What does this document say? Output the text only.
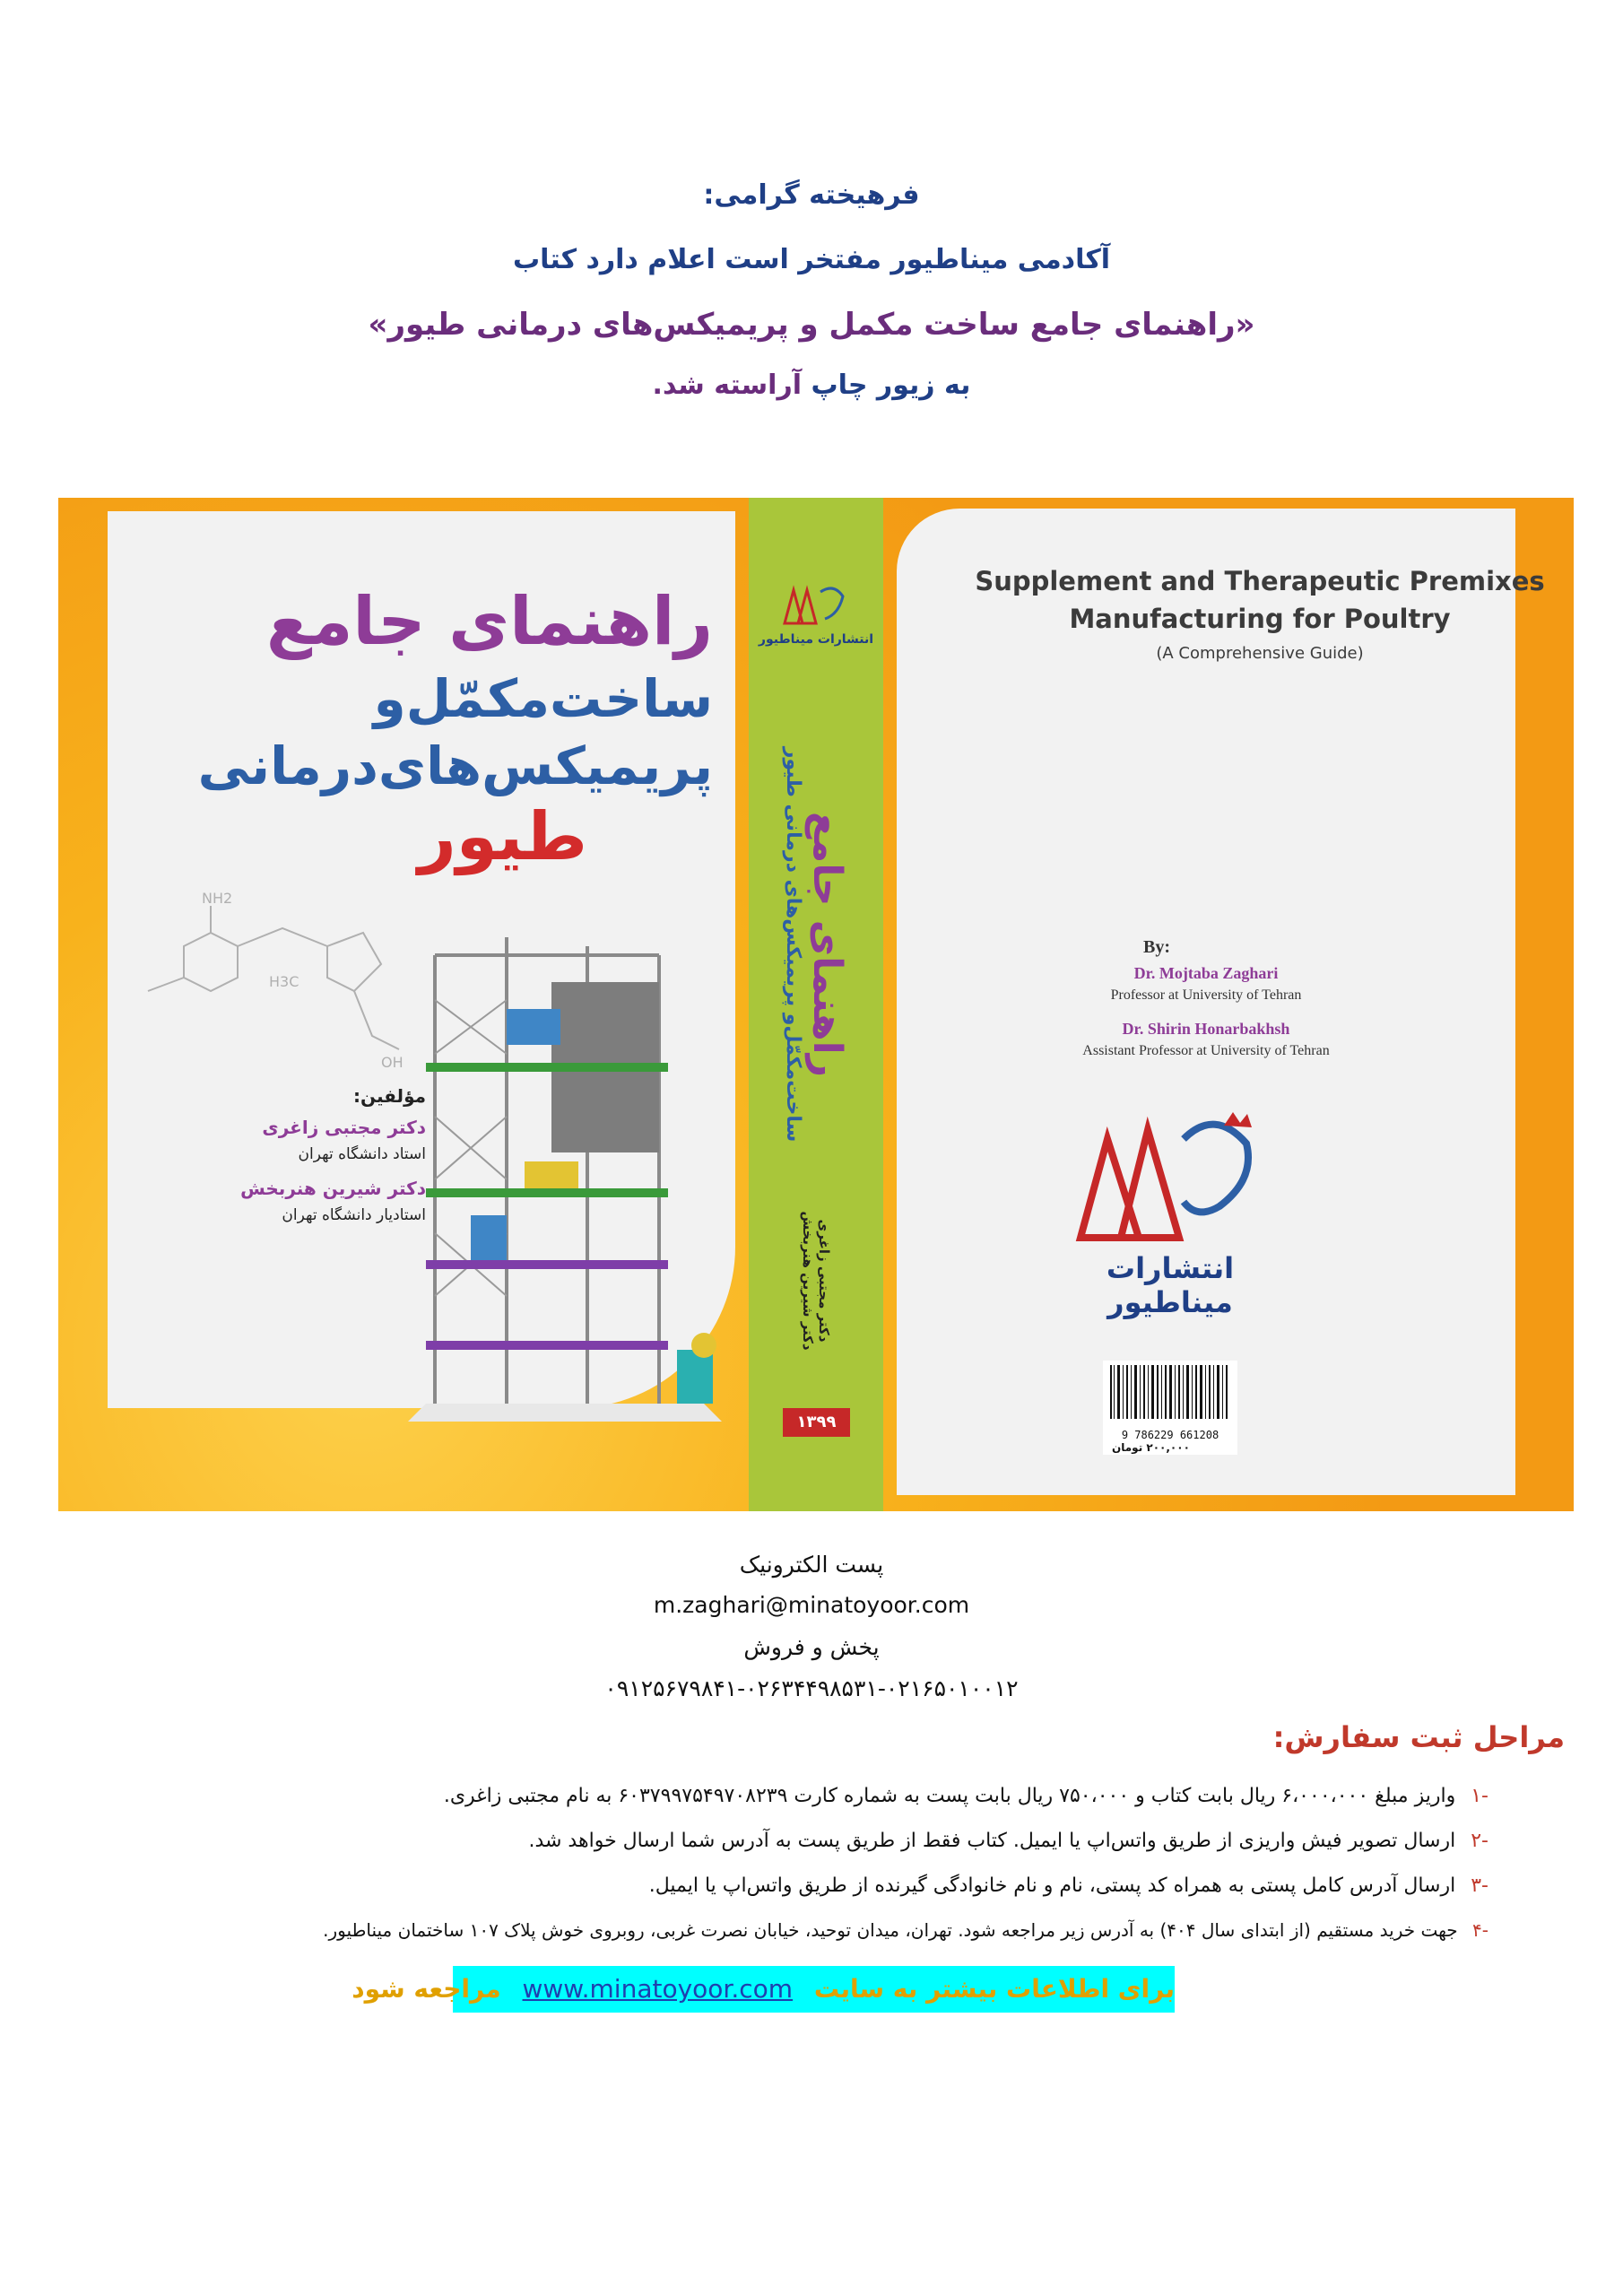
فرهیخته گرامی:
آکادمی میناطیور مفتخر است اعلام دارد کتاب
«راهنمای جامع ساخت مکمل و پریمیکس‌های درمانی طیور»
به زیور چاپ آراسته شد.
راهنمای جامع
ساخت‌مکمّل‌و
پریمیکس‌های‌درمانی
طیور
NH2
H3C
OH
مؤلفین:
دکتر مجتبی زاغری
استاد دانشگاه تهران
دکتر شیرین هنربخش
استادیار دانشگاه تهران
انتشارات میناطیور
راهنمای جامع
ساخت‌مکمّل‌و پریمیکس‌های درمانی طیور
دکتر مجتبی زاغری
دکتر شیرین هنربخش
۱۳۹۹
Supplement and Therapeutic Premixes
Manufacturing for Poultry
(A Comprehensive Guide)
By:
Dr. Mojtaba Zaghari
Professor at University of Tehran
Dr. Shirin Honarbakhsh
Assistant Professor at University of Tehran
انتشارات میناطیور
9 786229 661208
۲۰۰,۰۰۰ تومان
پست الکترونیک
m.zaghari@minatoyoor.com
پخش و فروش
۰۹۱۲۵۶۷۹۸۴۱-۰۲۶۳۴۴۹۸۵۳۱-۰۲۱۶۵۰۱۰۰۱۲
مراحل ثبت سفارش:
-۱ واریز مبلغ ۶،۰۰۰،۰۰۰ ریال بابت کتاب و ۷۵۰،۰۰۰ ریال بابت پست به شماره کارت ۶۰۳۷۹۹۷۵۴۹۷۰۸۲۳۹ به نام مجتبی زاغری.
-۲ ارسال تصویر فیش واریزی از طریق واتس‌اپ یا ایمیل. کتاب فقط از طریق پست به آدرس شما ارسال خواهد شد.
-۳ ارسال آدرس کامل پستی به همراه کد پستی، نام و نام خانوادگی گیرنده از طریق واتس‌اپ یا ایمیل.
-۴ جهت خرید مستقیم (از ابتدای سال ۴۰۴) به آدرس زیر مراجعه شود. تهران، میدان توحید، خیابان نصرت غربی، روبروی خوش پلاک ۱۰۷ ساختمان میناطیور.
برای اطلاعات بیشتر به سایت www.minatoyoor.com مراجعه شود
